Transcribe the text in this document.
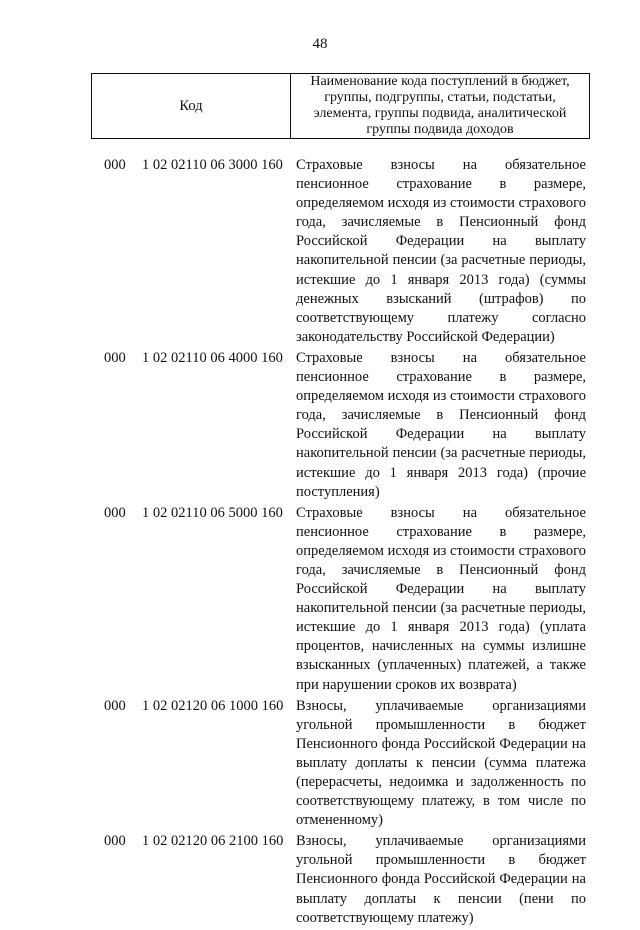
48
Код
Наименование кода поступлений в бюджет, группы, подгруппы, статьи, подстатьи, элемента, группы подвида, аналитической группы подвида доходов
000 1 02 02110 06 3000 160 Страховые взносы на обязательное пенсионное страхование в размере, определяемом исходя из стоимости страхового года, зачисляемые в Пенсионный фонд Российской Федерации на выплату накопительной пенсии (за расчетные периоды, истекшие до 1 января 2013 года) (суммы денежных взысканий (штрафов) по соответствующему платежу согласно законодательству Российской Федерации)
000 1 02 02110 06 4000 160 Страховые взносы на обязательное пенсионное страхование в размере, определяемом исходя из стоимости страхового года, зачисляемые в Пенсионный фонд Российской Федерации на выплату накопительной пенсии (за расчетные периоды, истекшие до 1 января 2013 года) (прочие поступления)
000 1 02 02110 06 5000 160 Страховые взносы на обязательное пенсионное страхование в размере, определяемом исходя из стоимости страхового года, зачисляемые в Пенсионный фонд Российской Федерации на выплату накопительной пенсии (за расчетные периоды, истекшие до 1 января 2013 года) (уплата процентов, начисленных на суммы излишне взысканных (уплаченных) платежей, а также при нарушении сроков их возврата)
000 1 02 02120 06 1000 160 Взносы, уплачиваемые организациями угольной промышленности в бюджет Пенсионного фонда Российской Федерации на выплату доплаты к пенсии (сумма платежа (перерасчеты, недоимка и задолженность по соответствующему платежу, в том числе по отмененному)
000 1 02 02120 06 2100 160 Взносы, уплачиваемые организациями угольной промышленности в бюджет Пенсионного фонда Российской Федерации на выплату доплаты к пенсии (пени по соответствующему платежу)
